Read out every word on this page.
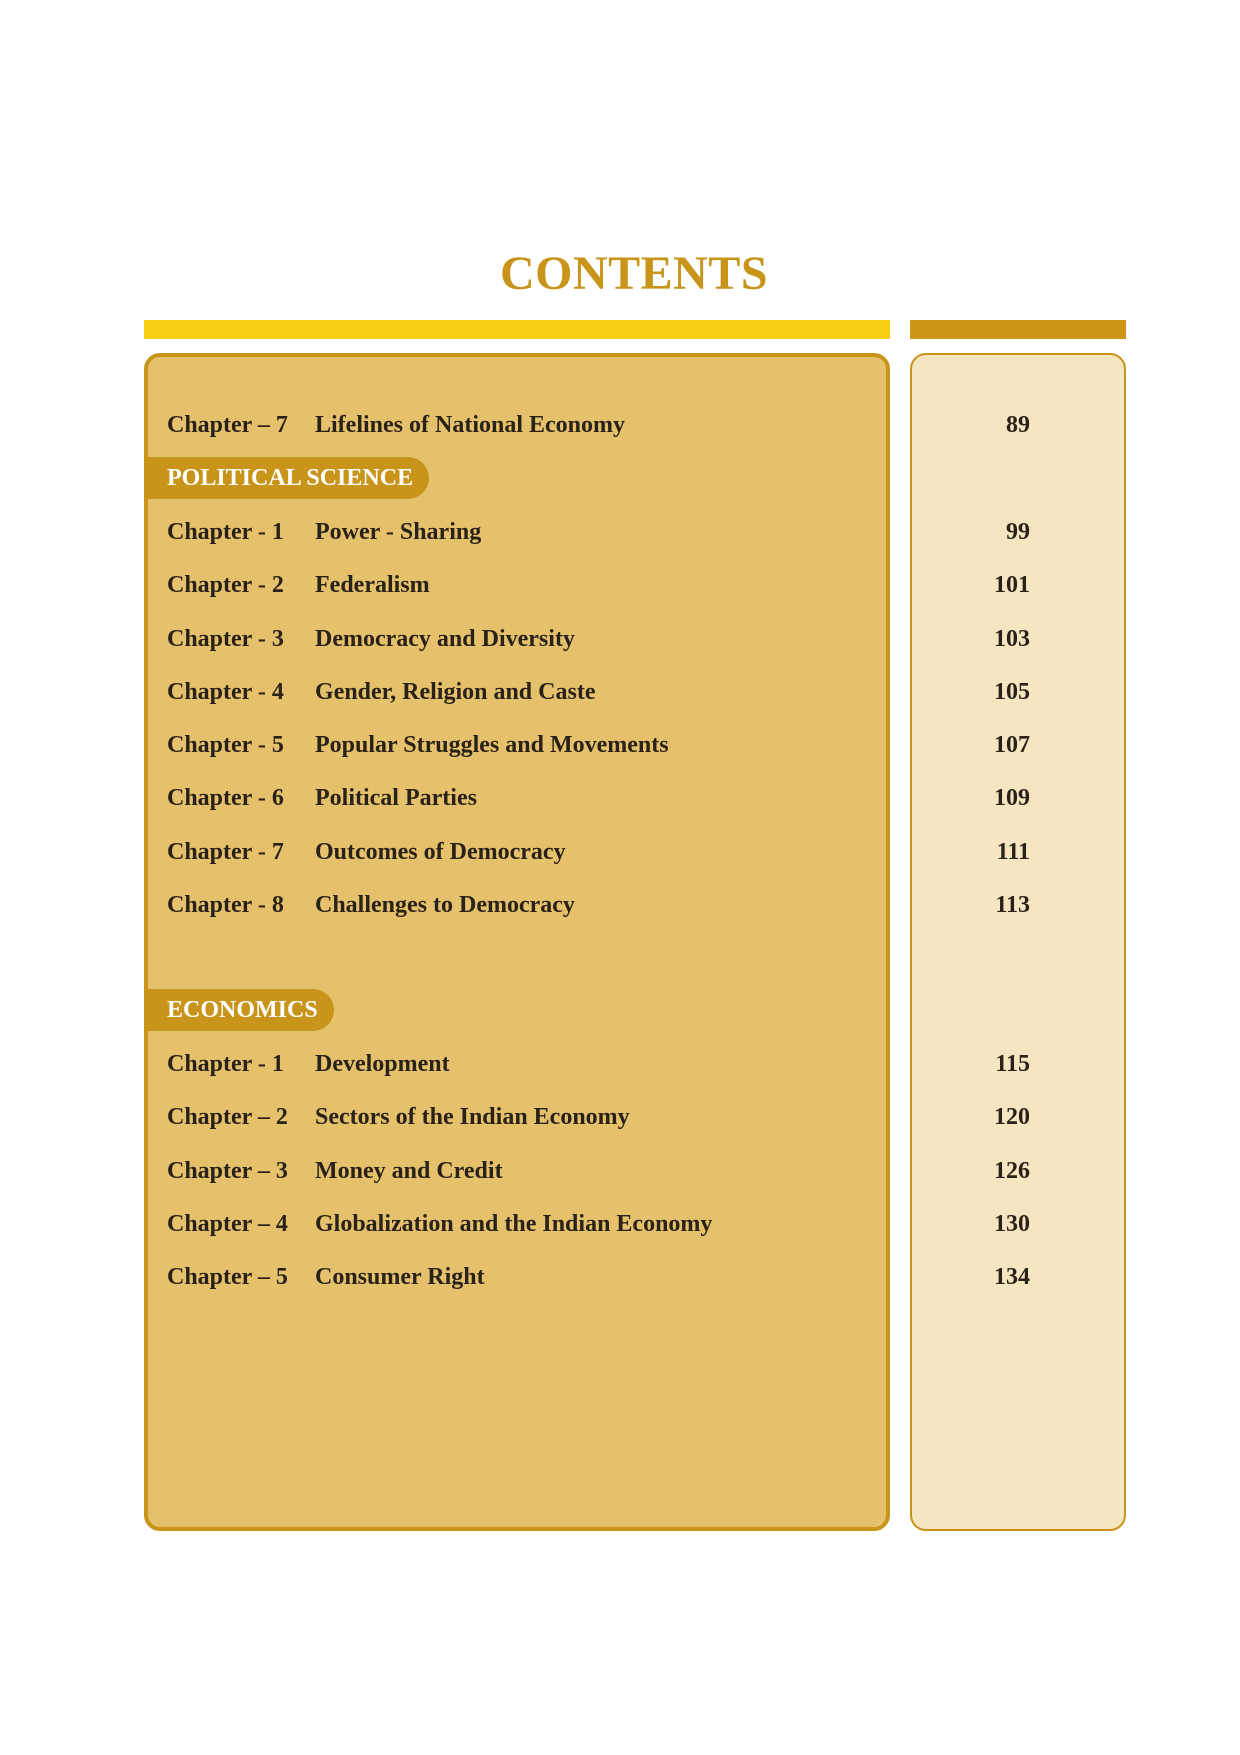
CONTENTS
Chapter – 7 Lifelines of National Economy	89
POLITICAL SCIENCE
Chapter - 1 Power - Sharing	99
Chapter - 2 Federalism	101
Chapter - 3 Democracy and Diversity	103
Chapter - 4 Gender, Religion and Caste	105
Chapter - 5 Popular Struggles and Movements	107
Chapter - 6 Political Parties	109
Chapter - 7 Outcomes of Democracy	111
Chapter - 8 Challenges to Democracy	113
ECONOMICS
Chapter - 1 Development	115
Chapter – 2 Sectors of the Indian Economy	120
Chapter – 3 Money and Credit	126
Chapter – 4 Globalization and the Indian Economy	130
Chapter – 5 Consumer Right	134
